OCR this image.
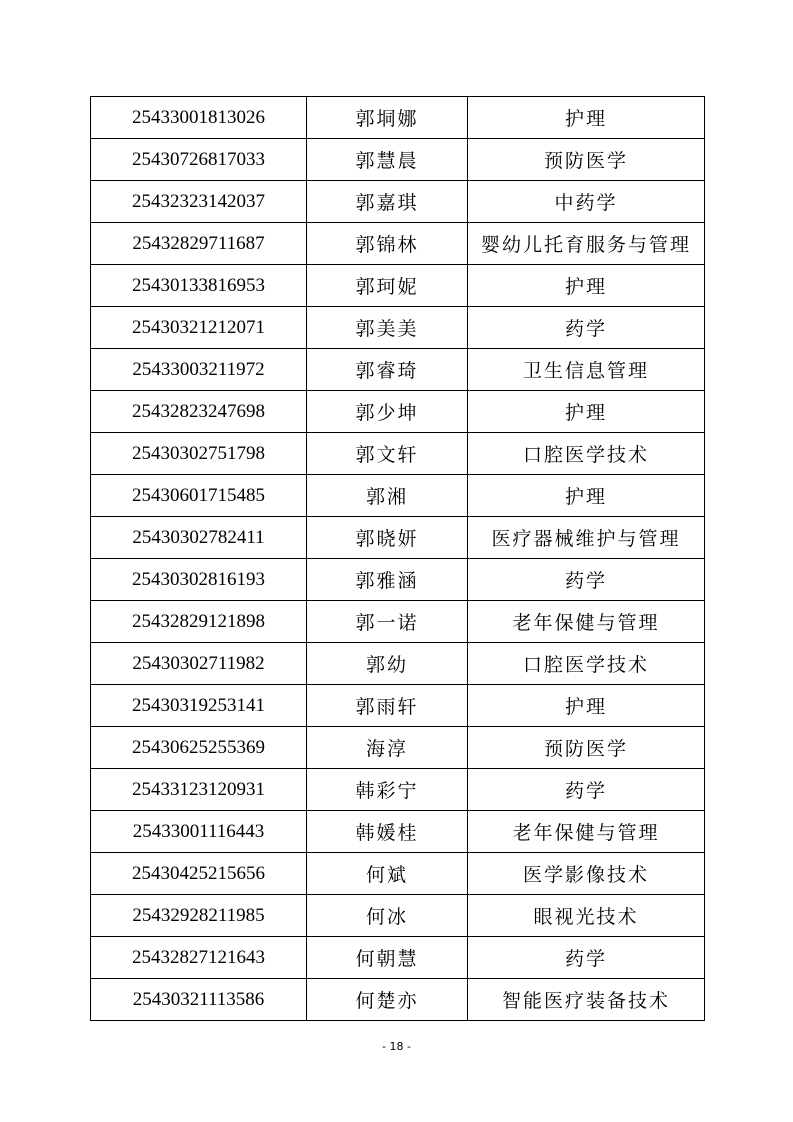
25433001813026	郭垌娜	护理
25430726817033	郭慧晨	预防医学
25432323142037	郭嘉琪	中药学
25432829711687	郭锦林	婴幼儿托育服务与管理
25430133816953	郭珂妮	护理
25430321212071	郭美美	药学
25433003211972	郭睿琦	卫生信息管理
25432823247698	郭少坤	护理
25430302751798	郭文轩	口腔医学技术
25430601715485	郭湘	护理
25430302782411	郭晓妍	医疗器械维护与管理
25430302816193	郭雅涵	药学
25432829121898	郭一诺	老年保健与管理
25430302711982	郭幼	口腔医学技术
25430319253141	郭雨轩	护理
25430625255369	海淳	预防医学
25433123120931	韩彩宁	药学
25433001116443	韩媛桂	老年保健与管理
25430425215656	何斌	医学影像技术
25432928211985	何冰	眼视光技术
25432827121643	何朝慧	药学
25430321113586	何楚亦	智能医疗装备技术
- 18 -
